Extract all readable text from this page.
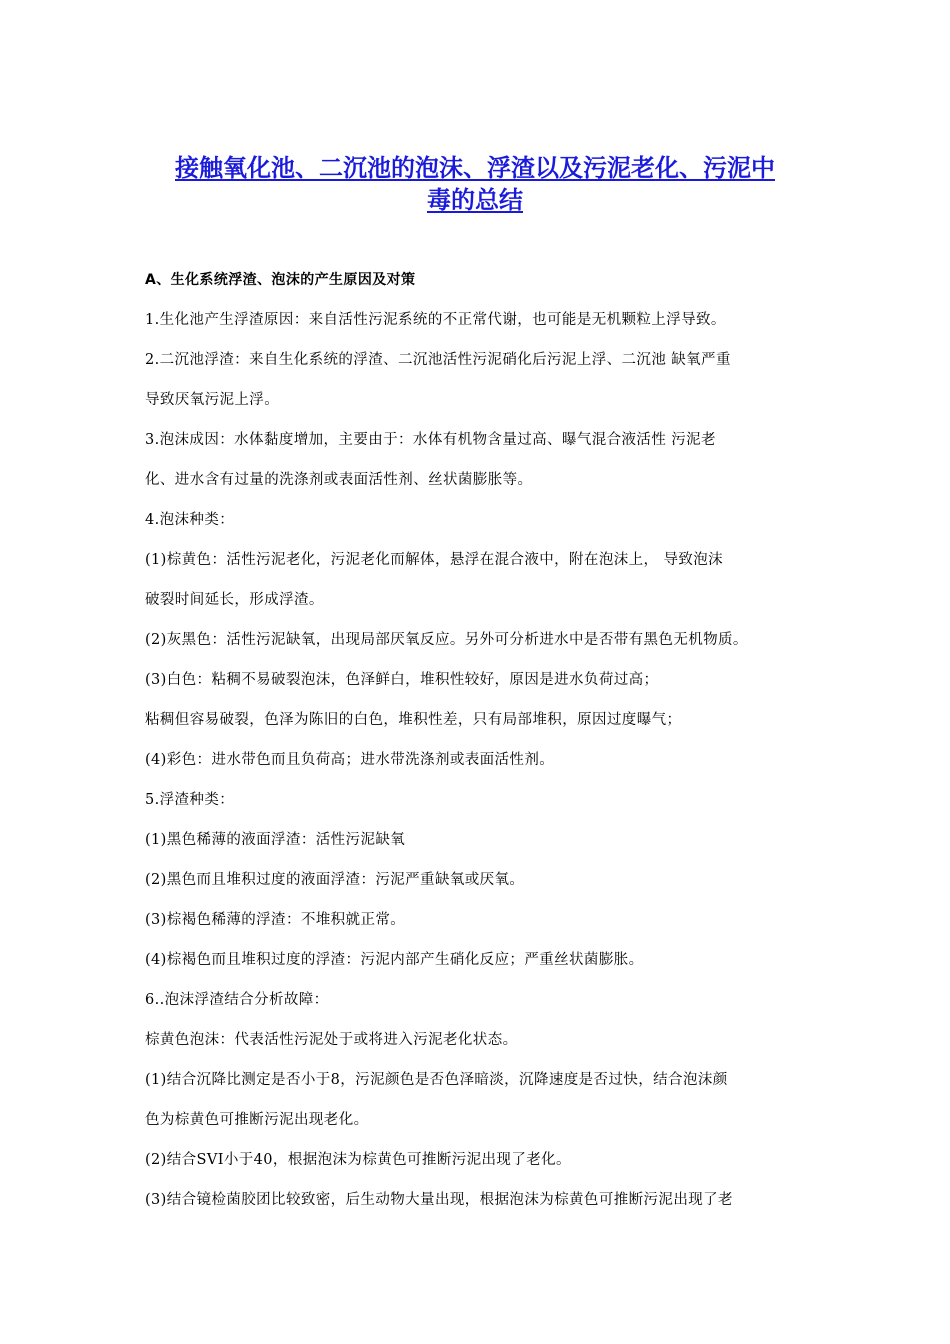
接触氧化池、二沉池的泡沫、浮渣以及污泥老化、污泥中
毒的总结
A、生化系统浮渣、泡沫的产生原因及对策
1.生化池产生浮渣原因：来自活性污泥系统的不正常代谢，也可能是无机颗粒上浮导致。
2.二沉池浮渣：来自生化系统的浮渣、二沉池活性污泥硝化后污泥上浮、二沉池 缺氧严重
导致厌氧污泥上浮。
3.泡沫成因：水体黏度增加，主要由于：水体有机物含量过高、曝气混合液活性 污泥老
化、进水含有过量的洗涤剂或表面活性剂、丝状菌膨胀等。
4.泡沫种类：
(1)棕黄色：活性污泥老化，污泥老化而解体，悬浮在混合液中，附在泡沫上， 导致泡沫
破裂时间延长，形成浮渣。
(2)灰黑色：活性污泥缺氧，出现局部厌氧反应。另外可分析进水中是否带有黑色无机物质。
(3)白色：粘稠不易破裂泡沫，色泽鲜白，堆积性较好，原因是进水负荷过高；
粘稠但容易破裂，色泽为陈旧的白色，堆积性差，只有局部堆积，原因过度曝气；
(4)彩色：进水带色而且负荷高；进水带洗涤剂或表面活性剂。
5.浮渣种类：
(1)黑色稀薄的液面浮渣：活性污泥缺氧
(2)黑色而且堆积过度的液面浮渣：污泥严重缺氧或厌氧。
(3)棕褐色稀薄的浮渣：不堆积就正常。
(4)棕褐色而且堆积过度的浮渣：污泥内部产生硝化反应；严重丝状菌膨胀。
6..泡沫浮渣结合分析故障：
棕黄色泡沫：代表活性污泥处于或将进入污泥老化状态。
(1)结合沉降比测定是否小于8，污泥颜色是否色泽暗淡，沉降速度是否过快，结合泡沫颜
色为棕黄色可推断污泥出现老化。
(2)结合SVI小于40，根据泡沫为棕黄色可推断污泥出现了老化。
(3)结合镜检菌胶团比较致密，后生动物大量出现，根据泡沫为棕黄色可推断污泥出现了老
